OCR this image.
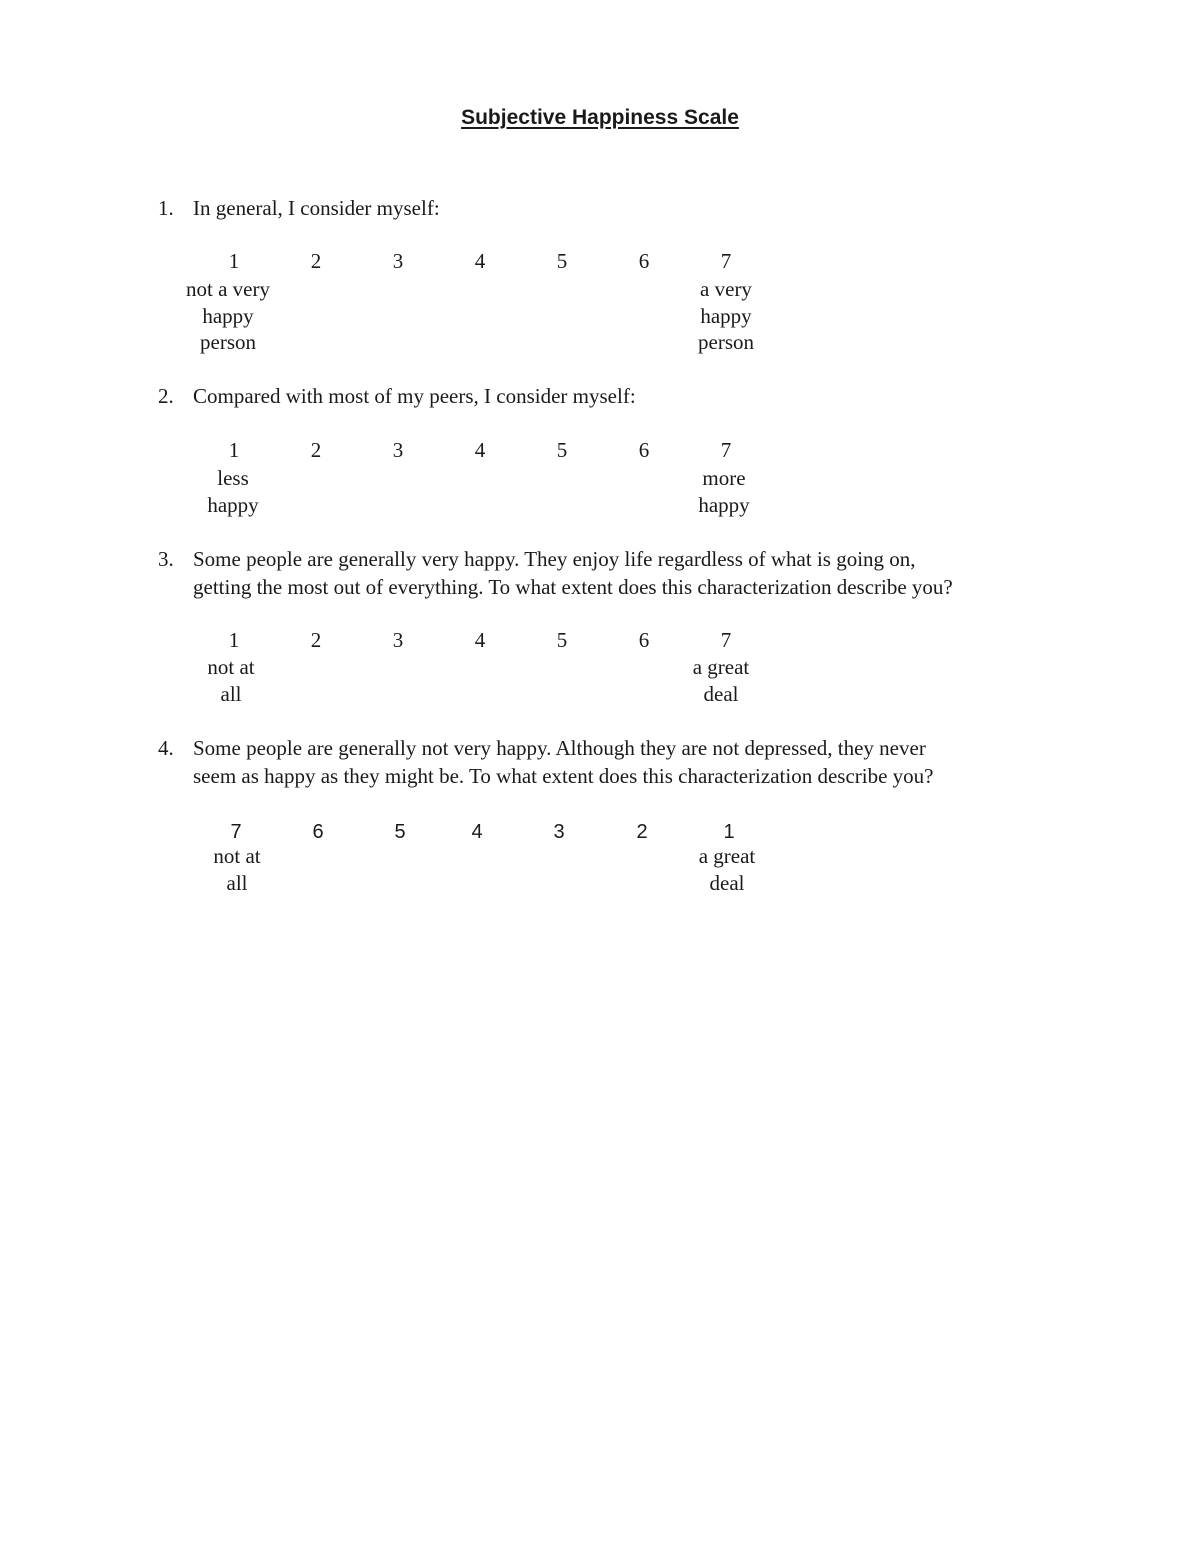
Subjective Happiness Scale
1. In general, I consider myself:
1	2	3	4	5	6	7
not a very
happy
person
a very
happy
person
2. Compared with most of my peers, I consider myself:
1	2	3	4	5	6	7
less
happy
more
happy
3. Some people are generally very happy. They enjoy life regardless of what is going on,
getting the most out of everything. To what extent does this characterization describe you?
1	2	3	4	5	6	7
not at
all
a great
deal
4. Some people are generally not very happy. Although they are not depressed, they never
seem as happy as they might be. To what extent does this characterization describe you?
7	6	5	4	3	2	1
not at
all
a great
deal
